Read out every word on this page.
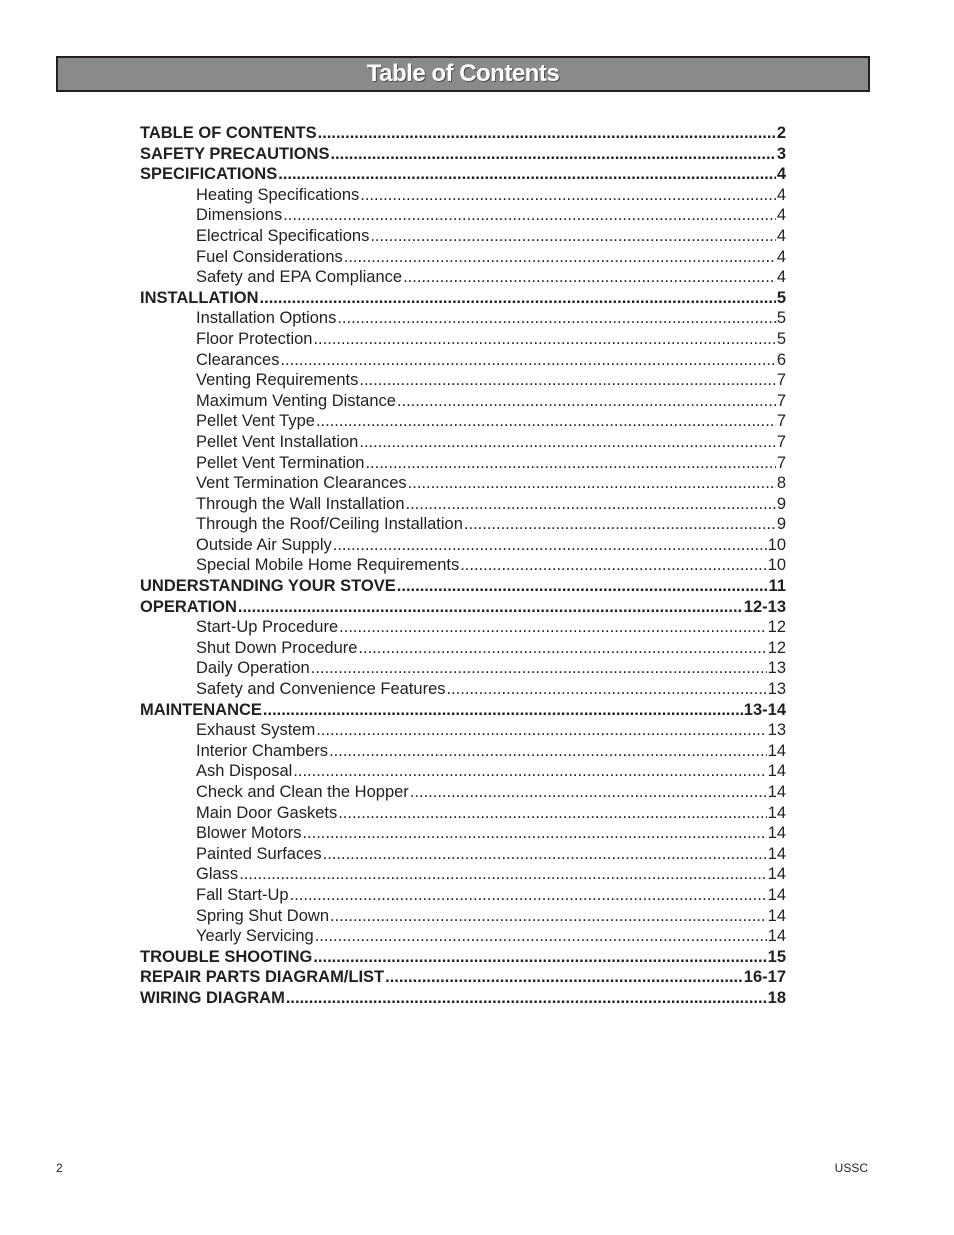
Table of Contents
TABLE OF CONTENTS .....	2
SAFETY PRECAUTIONS .....	3
SPECIFICATIONS .....	4
Heating Specifications .....	4
Dimensions .....	4
Electrical Specifications .....	4
Fuel Considerations .....	4
Safety and EPA Compliance .....	4
INSTALLATION .....	5
Installation Options .....	5
Floor Protection .....	5
Clearances .....	6
Venting Requirements .....	7
Maximum Venting Distance .....	7
Pellet Vent Type .....	7
Pellet Vent Installation .....	7
Pellet Vent Termination .....	7
Vent Termination Clearances .....	8
Through the Wall Installation .....	9
Through the Roof/Ceiling Installation .....	9
Outside Air Supply .....	10
Special Mobile Home Requirements .....	10
UNDERSTANDING YOUR STOVE .....	11
OPERATION .....	12-13
Start-Up Procedure .....	12
Shut Down Procedure .....	12
Daily Operation .....	13
Safety and Convenience Features .....	13
MAINTENANCE .....	13-14
Exhaust System .....	13
Interior Chambers .....	14
Ash Disposal .....	14
Check and Clean the Hopper .....	14
Main Door Gaskets .....	14
Blower Motors .....	14
Painted Surfaces .....	14
Glass .....	14
Fall Start-Up .....	14
Spring Shut Down .....	14
Yearly Servicing .....	14
TROUBLE SHOOTING .....	15
REPAIR PARTS DIAGRAM/LIST .....	16-17
WIRING DIAGRAM .....	18
2	USSC
